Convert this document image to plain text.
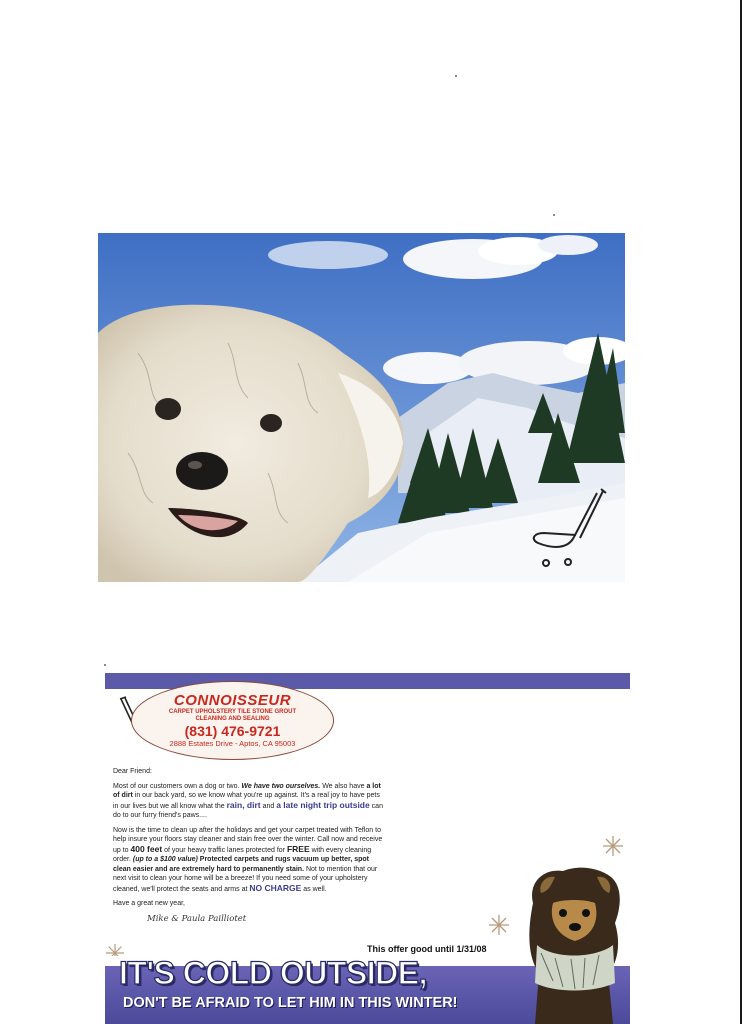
CONNOISSEUR
CARPET UPHOLSTERY TILE STONE GROUT
CLEANING AND SEALING
(831) 476-9721
2888 Estates Drive - Aptos, CA 95003

Dear Friend:

Most of our customers own a dog or two. We have two ourselves. We also have a lot of dirt in our back yard, so we know what you're up against. It's a real joy to have pets in our lives but we all know what the rain, dirt and a late night trip outside can do to our furry friend's paws....

Now is the time to clean up after the holidays and get your carpet treated with Teflon to help insure your floors stay cleaner and stain free over the winter. Call now and receive up to 400 feet of your heavy traffic lanes protected for FREE with every cleaning order. (up to a $100 value) Protected carpets and rugs vacuum up better, spot clean easier and are extremely hard to permanently stain. Not to mention that our next visit to clean your home will be a breeze! If you need some of your upholstery cleaned, we'll protect the seats and arms at NO CHARGE as well.

Have a great new year,

Mike & Paula Pailliotet
This offer good until 1/31/08
IT'S COLD OUTSIDE,
DON'T BE AFRAID TO LET HIM IN THIS WINTER!
